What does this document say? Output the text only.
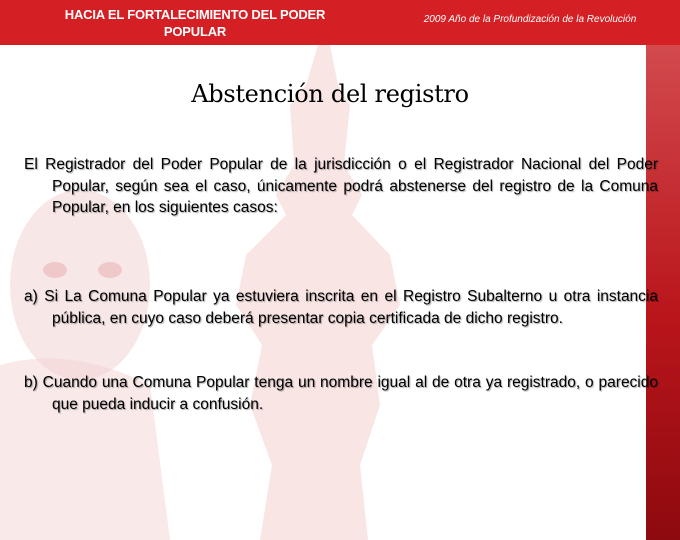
HACIA EL FORTALECIMIENTO DEL PODER POPULAR
2009 Año de la Profundización de la Revolución
Abstención del registro
El Registrador del Poder Popular de la jurisdicción o el Registrador Nacional del Poder Popular, según sea el caso, únicamente podrá abstenerse del registro de la Comuna Popular, en los siguientes casos:
a) Si La Comuna Popular ya estuviera inscrita en el Registro Subalterno u otra instancia pública, en cuyo caso deberá presentar copia certificada de dicho registro.
b) Cuando una Comuna Popular tenga un nombre igual al de otra ya registrado, o parecido que pueda inducir a confusión.
